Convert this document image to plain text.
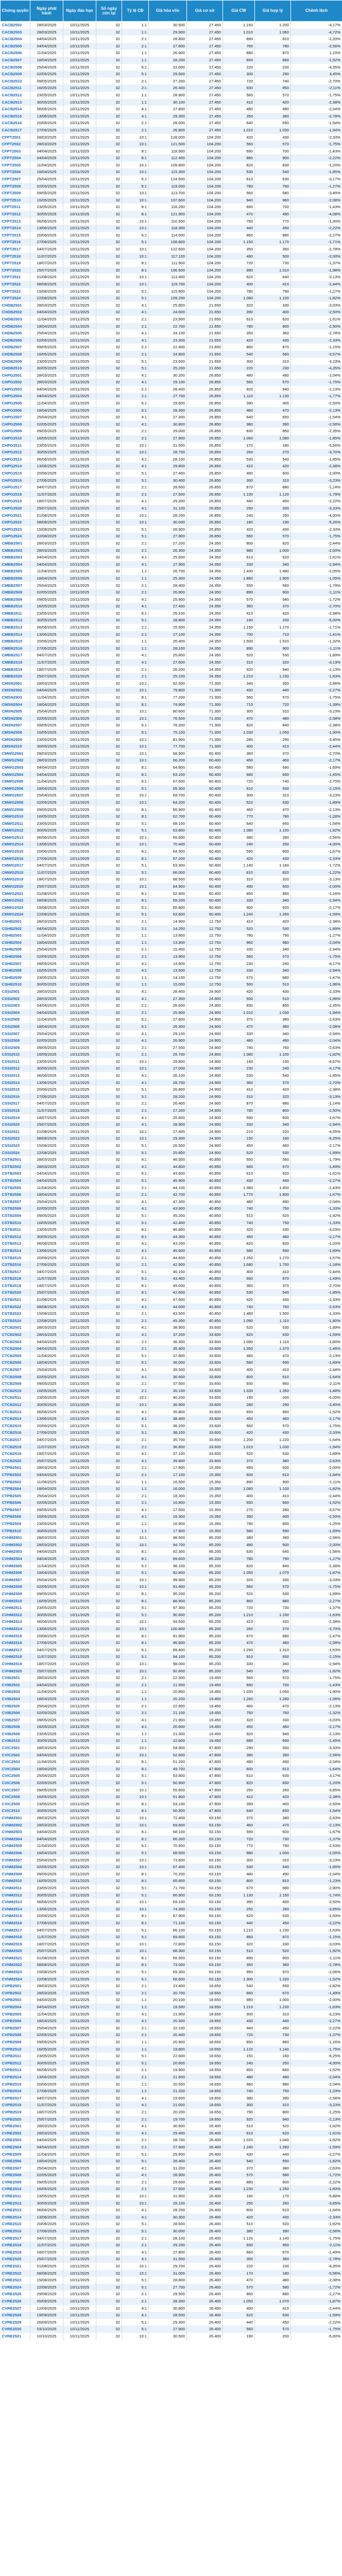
Chứng quyền	Ngày phát hành	Ngày đáo hạn	Số ngày còn lại	Tỷ lệ CĐ	Giá hòa vốn	Giá cơ sở	Giá CW	Giá hợp lý	Chênh lệch
CACB2502	28/03/2025	10/11/2025	32	1:1	30.500	27.450	1.150	1.200	-4,17%
CACB2503	28/03/2025	10/11/2025	32	1:1	29.900	27.450	1.010	1.060	-4,72%
CACB2504	04/04/2025	10/11/2025	32	2:1	28.800	27.450	890	910	-2,20%
CACB2505	04/04/2025	10/11/2025	32	2:1	27.600	27.450	760	780	-2,56%
CACB2506	11/04/2025	10/11/2025	32	1:1	26.900	27.450	880	870	1,15%
CACB2507	18/04/2025	10/11/2025	32	1:1	28.200	27.450	650	660	-1,52%
CACB2508	25/04/2025	10/11/2025	32	5:1	31.000	27.450	220	230	-4,35%
CACB2509	02/05/2025	10/11/2025	32	5:1	29.500	27.450	300	290	3,45%
CACB2510	09/05/2025	10/11/2025	32	2:1	27.200	27.450	720	740	-2,70%
CACB2511	16/05/2025	10/11/2025	32	2:1	26.400	27.450	930	950	-2,11%
CACB2512	23/05/2025	10/11/2025	32	1:1	28.900	27.450	560	570	-1,75%
CACB2513	30/05/2025	10/11/2025	32	1:1	30.100	27.450	410	420	-2,38%
CACB2514	06/06/2025	10/11/2025	32	4:1	27.800	27.450	480	490	-2,04%
CACB2515	13/06/2025	10/11/2025	32	4:1	29.300	27.450	350	360	-2,78%
CACB2516	20/06/2025	10/11/2025	32	2:1	28.000	27.450	640	650	-1,54%
CACB2517	27/06/2025	10/11/2025	32	2:1	26.800	27.450	1.010	1.030	-1,94%
CFPT2501	28/03/2025	10/11/2025	32	10:1	128.000	104.200	420	430	-2,33%
CFPT2502	28/03/2025	10/11/2025	32	10:1	121.500	104.200	560	570	-1,75%
CFPT2503	04/04/2025	10/11/2025	32	8:1	118.900	104.200	690	700	-1,43%
CFPT2504	04/04/2025	10/11/2025	32	8:1	112.400	104.200	880	900	-2,22%
CFPT2505	11/04/2025	10/11/2025	32	10:1	109.800	104.200	820	830	-1,20%
CFPT2506	18/04/2025	10/11/2025	32	10:1	115.300	104.200	530	540	-1,85%
CFPT2507	25/04/2025	10/11/2025	32	5:1	124.500	104.200	610	630	-3,17%
CFPT2508	02/05/2025	10/11/2025	32	5:1	119.000	104.200	780	790	-1,27%
CFPT2509	09/05/2025	10/11/2025	32	10:1	113.700	104.200	560	580	-3,45%
CFPT2510	16/05/2025	10/11/2025	32	10:1	107.600	104.200	940	960	-2,08%
CFPT2511	23/05/2025	10/11/2025	32	8:1	116.200	104.200	690	700	-1,43%
CFPT2512	30/05/2025	10/11/2025	32	8:1	121.900	104.200	470	490	-4,08%
CFPT2513	06/06/2025	10/11/2025	32	10:1	110.500	104.200	760	770	-1,30%
CFPT2514	13/06/2025	10/11/2025	32	10:1	118.300	104.200	440	450	-2,22%
CFPT2515	20/06/2025	10/11/2025	32	5:1	114.000	104.200	860	880	-2,27%
CFPT2516	27/06/2025	10/11/2025	32	5:1	108.800	104.200	1.150	1.170	-1,71%
CFPT2517	04/07/2025	10/11/2025	32	10:1	122.600	104.200	350	360	-2,78%
CFPT2518	11/07/2025	10/11/2025	32	10:1	117.100	104.200	490	500	-2,00%
CFPT2519	18/07/2025	10/11/2025	32	8:1	111.900	104.200	720	730	-1,37%
CFPT2520	25/07/2025	10/11/2025	32	8:1	106.500	104.200	990	1.010	-1,98%
CFPT2521	01/08/2025	10/11/2025	32	10:1	113.400	104.200	620	640	-3,13%
CFPT2522	08/08/2025	10/11/2025	32	10:1	119.700	104.200	400	410	-2,44%
CFPT2523	15/08/2025	10/11/2025	32	5:1	115.800	104.200	780	790	-1,27%
CFPT2524	22/08/2025	10/11/2025	32	5:1	109.200	104.200	1.080	1.100	-1,82%
CHDB2501	28/03/2025	10/11/2025	32	4:1	25.800	21.650	320	330	-3,03%
CHDB2502	04/04/2025	10/11/2025	32	4:1	24.600	21.650	390	400	-2,50%
CHDB2503	11/04/2025	10/11/2025	32	2:1	23.900	21.650	610	620	-1,61%
CHDB2504	18/04/2025	10/11/2025	32	2:1	22.700	21.650	780	800	-2,50%
CHDB2505	25/04/2025	10/11/2025	32	4:1	24.100	21.650	350	360	-2,78%
CHDB2506	02/05/2025	10/11/2025	32	4:1	23.300	21.650	420	430	-2,33%
CHDB2507	09/05/2025	10/11/2025	32	2:1	22.400	21.650	860	870	-1,15%
CHDB2508	16/05/2025	10/11/2025	32	2:1	24.800	21.650	540	560	-3,57%
CHDB2509	23/05/2025	10/11/2025	32	5:1	23.600	21.650	300	310	-3,23%
CHDB2510	30/05/2025	10/11/2025	32	5:1	25.200	21.650	220	230	-4,35%
CHPG2501	28/03/2025	10/11/2025	32	4:1	30.200	26.850	480	490	-2,04%
CHPG2502	28/03/2025	10/11/2025	32	4:1	29.100	26.850	560	570	-1,75%
CHPG2503	04/04/2025	10/11/2025	32	2:1	28.400	26.850	920	940	-2,13%
CHPG2504	04/04/2025	10/11/2025	32	2:1	27.700	26.850	1.110	1.130	-1,77%
CHPG2505	11/04/2025	10/11/2025	32	5:1	29.600	26.850	390	400	-2,50%
CHPG2506	18/04/2025	10/11/2025	32	5:1	28.300	26.850	460	470	-2,13%
CHPG2507	25/04/2025	10/11/2025	32	4:1	27.300	26.850	640	650	-1,54%
CHPG2508	02/05/2025	10/11/2025	32	4:1	30.800	26.850	380	390	-2,56%
CHPG2509	09/05/2025	10/11/2025	32	2:1	29.000	26.850	830	850	-2,35%
CHPG2510	16/05/2025	10/11/2025	32	2:1	27.900	26.850	1.060	1.080	-1,85%
CHPG2511	23/05/2025	10/11/2025	32	10:1	31.500	26.850	170	180	-5,56%
CHPG2512	30/05/2025	10/11/2025	32	10:1	28.700	26.850	260	270	-3,70%
CHPG2513	06/06/2025	10/11/2025	32	4:1	28.100	26.850	530	540	-1,85%
CHPG2514	13/06/2025	10/11/2025	32	4:1	29.800	26.850	410	420	-2,38%
CHPG2515	20/06/2025	10/11/2025	32	5:1	27.400	26.850	490	500	-2,00%
CHPG2516	27/06/2025	10/11/2025	32	5:1	30.400	26.850	300	310	-3,23%
CHPG2517	04/07/2025	10/11/2025	32	2:1	28.600	26.850	870	880	-1,14%
CHPG2518	11/07/2025	10/11/2025	32	2:1	27.500	26.850	1.100	1.120	-1,79%
CHPG2519	18/07/2025	10/11/2025	32	4:1	29.300	26.850	440	450	-2,22%
CHPG2520	25/07/2025	10/11/2025	32	4:1	31.100	26.850	290	300	-3,33%
CHPG2521	01/08/2025	10/11/2025	32	10:1	28.200	26.850	240	250	-4,00%
CHPG2522	08/08/2025	10/11/2025	32	10:1	30.000	26.850	180	190	-5,26%
CHPG2523	15/08/2025	10/11/2025	32	5:1	28.900	26.850	420	430	-2,33%
CHPG2524	22/08/2025	10/11/2025	32	5:1	27.800	26.850	560	570	-1,75%
CMBB2501	28/03/2025	10/11/2025	32	2:1	27.200	24.350	800	820	-2,44%
CMBB2502	28/03/2025	10/11/2025	32	2:1	26.300	24.350	980	1.000	-2,00%
CMBB2503	04/04/2025	10/11/2025	32	4:1	25.600	24.350	610	620	-1,61%
CMBB2504	04/04/2025	10/11/2025	32	4:1	27.900	24.350	330	340	-2,94%
CMBB2505	11/04/2025	10/11/2025	32	1:1	26.700	24.350	1.430	1.460	-2,05%
CMBB2506	18/04/2025	10/11/2025	32	1:1	25.300	24.350	1.880	1.900	-1,05%
CMBB2507	25/04/2025	10/11/2025	32	2:1	28.400	24.350	550	560	-1,79%
CMBB2508	02/05/2025	10/11/2025	32	2:1	26.900	24.350	890	900	-1,11%
CMBB2509	09/05/2025	10/11/2025	32	4:1	25.900	24.350	570	580	-1,72%
CMBB2510	16/05/2025	10/11/2025	32	4:1	27.400	24.350	360	370	-2,70%
CMBB2511	23/05/2025	10/11/2025	32	5:1	26.100	24.350	410	420	-2,38%
CMBB2512	30/05/2025	10/11/2025	32	5:1	28.800	24.350	190	200	-5,00%
CMBB2513	06/06/2025	10/11/2025	32	2:1	25.500	24.350	1.150	1.170	-1,71%
CMBB2514	13/06/2025	10/11/2025	32	2:1	27.100	24.350	700	710	-1,41%
CMBB2515	20/06/2025	10/11/2025	32	1:1	26.400	24.350	1.500	1.520	-1,32%
CMBB2516	27/06/2025	10/11/2025	32	1:1	28.100	24.350	890	900	-1,11%
CMBB2517	04/07/2025	10/11/2025	32	4:1	25.800	24.350	520	530	-1,89%
CMBB2518	11/07/2025	10/11/2025	32	4:1	27.600	24.350	310	320	-3,13%
CMBB2519	18/07/2025	10/11/2025	32	2:1	26.200	24.350	920	940	-2,13%
CMBB2520	25/07/2025	10/11/2025	32	2:1	25.100	24.350	1.210	1.230	-1,63%
CMSN2501	28/03/2025	10/11/2025	32	10:1	82.500	71.300	340	350	-2,86%
CMSN2502	04/04/2025	10/11/2025	32	10:1	79.800	71.300	430	440	-2,27%
CMSN2503	11/04/2025	10/11/2025	32	8:1	77.200	71.300	560	570	-1,75%
CMSN2504	18/04/2025	10/11/2025	32	8:1	74.900	71.300	710	720	-1,39%
CMSN2505	25/04/2025	10/11/2025	32	10:1	80.600	71.300	300	310	-3,23%
CMSN2506	02/05/2025	10/11/2025	32	10:1	76.500	71.300	470	480	-2,08%
CMSN2507	09/05/2025	10/11/2025	32	5:1	78.300	71.300	820	840	-2,38%
CMSN2508	16/05/2025	10/11/2025	32	5:1	75.100	71.300	1.030	1.050	-1,90%
CMSN2509	23/05/2025	10/11/2025	32	10:1	81.900	71.300	280	290	-3,45%
CMSN2510	30/05/2025	10/11/2025	32	10:1	77.700	71.300	400	410	-2,44%
CMWG2501	28/03/2025	10/11/2025	32	10:1	68.900	60.400	360	370	-2,70%
CMWG2502	28/03/2025	10/11/2025	32	10:1	66.200	60.400	450	460	-2,17%
CMWG2503	04/04/2025	10/11/2025	32	8:1	64.800	60.400	580	590	-1,69%
CMWG2504	04/04/2025	10/11/2025	32	8:1	63.100	60.400	680	690	-1,45%
CMWG2505	11/04/2025	10/11/2025	32	5:1	67.500	60.400	720	740	-2,70%
CMWG2506	18/04/2025	10/11/2025	32	5:1	65.300	60.400	910	930	-2,15%
CMWG2507	25/04/2025	10/11/2025	32	10:1	69.700	60.400	300	310	-3,23%
CMWG2508	02/05/2025	10/11/2025	32	10:1	64.200	60.400	520	530	-1,89%
CMWG2509	09/05/2025	10/11/2025	32	8:1	66.900	60.400	460	470	-2,13%
CMWG2510	16/05/2025	10/11/2025	32	8:1	62.700	60.400	770	780	-1,28%
CMWG2511	23/05/2025	10/11/2025	32	5:1	68.100	60.400	640	650	-1,54%
CMWG2512	30/05/2025	10/11/2025	32	5:1	63.800	60.400	1.080	1.100	-1,82%
CMWG2513	06/06/2025	10/11/2025	32	10:1	65.600	60.400	380	390	-2,56%
CMWG2514	13/06/2025	10/11/2025	32	10:1	70.400	60.400	240	250	-4,00%
CMWG2515	20/06/2025	10/11/2025	32	8:1	64.500	60.400	590	600	-1,67%
CMWG2516	27/06/2025	10/11/2025	32	8:1	67.200	60.400	420	430	-2,33%
CMWG2517	04/07/2025	10/11/2025	32	5:1	63.300	60.400	1.140	1.160	-1,72%
CMWG2518	11/07/2025	10/11/2025	32	5:1	66.000	60.400	810	820	-1,22%
CMWG2519	18/07/2025	10/11/2025	32	10:1	68.500	60.400	310	320	-3,13%
CMWG2520	25/07/2025	10/11/2025	32	10:1	64.900	60.400	490	500	-2,00%
CMWG2521	01/08/2025	10/11/2025	32	8:1	62.400	60.400	850	860	-1,16%
CMWG2522	08/08/2025	10/11/2025	32	8:1	69.200	60.400	330	340	-2,94%
CMWG2523	15/08/2025	10/11/2025	32	5:1	65.800	60.400	900	920	-2,17%
CMWG2524	22/08/2025	10/11/2025	32	5:1	63.600	60.400	1.240	1.260	-1,59%
CSHB2501	28/03/2025	10/11/2025	32	2:1	14.900	12.750	410	420	-2,38%
CSHB2502	04/04/2025	10/11/2025	32	2:1	14.200	12.750	520	530	-1,89%
CSHB2503	11/04/2025	10/11/2025	32	1:1	13.800	12.750	780	790	-1,27%
CSHB2504	18/04/2025	10/11/2025	32	1:1	13.300	12.750	960	980	-2,04%
CSHB2505	25/04/2025	10/11/2025	32	2:1	15.400	12.750	330	340	-2,94%
CSHB2506	02/05/2025	10/11/2025	32	2:1	13.900	12.750	560	570	-1,75%
CSHB2507	09/05/2025	10/11/2025	32	4:1	14.600	12.750	230	240	-4,17%
CSHB2508	16/05/2025	10/11/2025	32	4:1	13.500	12.750	330	340	-2,94%
CSHB2509	23/05/2025	10/11/2025	32	1:1	14.100	12.750	670	680	-1,47%
CSHB2510	30/05/2025	10/11/2025	32	1:1	15.000	12.750	500	510	-1,96%
CSSI2501	28/03/2025	10/11/2025	32	4:1	28.400	24.900	420	430	-2,33%
CSSI2502	28/03/2025	10/11/2025	32	4:1	27.300	24.900	500	510	-1,96%
CSSI2503	04/04/2025	10/11/2025	32	2:1	26.600	24.900	830	850	-2,35%
CSSI2504	04/04/2025	10/11/2025	32	2:1	25.900	24.900	1.010	1.030	-1,94%
CSSI2505	11/04/2025	10/11/2025	32	5:1	27.800	24.900	370	380	-2,63%
CSSI2506	18/04/2025	10/11/2025	32	5:1	26.300	24.900	470	480	-2,08%
CSSI2507	25/04/2025	10/11/2025	32	4:1	29.100	24.900	330	340	-2,94%
CSSI2508	02/05/2025	10/11/2025	32	4:1	26.900	24.900	480	490	-2,04%
CSSI2509	09/05/2025	10/11/2025	32	2:1	27.500	24.900	740	760	-2,63%
CSSI2510	16/05/2025	10/11/2025	32	2:1	25.700	24.900	1.080	1.100	-1,82%
CSSI2511	23/05/2025	10/11/2025	32	10:1	29.800	24.900	140	150	-6,67%
CSSI2512	30/05/2025	10/11/2025	32	10:1	27.000	24.900	230	240	-4,17%
CSSI2513	06/06/2025	10/11/2025	32	4:1	26.100	24.900	530	540	-1,85%
CSSI2514	13/06/2025	10/11/2025	32	4:1	28.700	24.900	360	370	-2,70%
CSSI2515	20/06/2025	10/11/2025	32	5:1	26.800	24.900	410	420	-2,38%
CSSI2516	27/06/2025	10/11/2025	32	5:1	28.200	24.900	310	320	-3,13%
CSSI2517	04/07/2025	10/11/2025	32	2:1	26.400	24.900	870	880	-1,14%
CSSI2518	11/07/2025	10/11/2025	32	2:1	27.200	24.900	780	800	-2,50%
CSSI2519	18/07/2025	10/11/2025	32	4:1	25.600	24.900	590	600	-1,67%
CSSI2520	25/07/2025	10/11/2025	32	4:1	28.900	24.900	330	340	-2,94%
CSSI2521	01/08/2025	10/11/2025	32	10:1	27.400	24.900	210	220	-4,55%
CSSI2522	08/08/2025	10/11/2025	32	10:1	29.300	24.900	150	160	-6,25%
CSSI2523	15/08/2025	10/11/2025	32	5:1	26.500	24.900	450	460	-2,17%
CSSI2524	22/08/2025	10/11/2025	32	5:1	25.800	24.900	520	530	-1,89%
CSTB2501	28/03/2025	10/11/2025	32	4:1	46.500	40.850	550	560	-1,79%
CSTB2502	28/03/2025	10/11/2025	32	4:1	44.800	40.850	660	670	-1,49%
CSTB2503	04/04/2025	10/11/2025	32	5:1	43.600	40.850	610	620	-1,61%
CSTB2504	04/04/2025	10/11/2025	32	5:1	45.900	40.850	430	440	-2,27%
CSTB2505	11/04/2025	10/11/2025	32	2:1	44.100	40.850	1.380	1.400	-1,43%
CSTB2506	18/04/2025	10/11/2025	32	2:1	42.700	40.850	1.770	1.800	-1,67%
CSTB2507	25/04/2025	10/11/2025	32	4:1	47.300	40.850	480	490	-2,04%
CSTB2508	02/05/2025	10/11/2025	32	4:1	43.900	40.850	740	750	-1,33%
CSTB2509	09/05/2025	10/11/2025	32	5:1	45.200	40.850	510	520	-1,92%
CSTB2510	16/05/2025	10/11/2025	32	5:1	42.400	40.850	740	750	-1,33%
CSTB2511	23/05/2025	10/11/2025	32	8:1	46.800	40.850	320	330	-3,03%
CSTB2512	30/05/2025	10/11/2025	32	8:1	44.300	40.850	450	460	-2,17%
CSTB2513	06/06/2025	10/11/2025	32	4:1	43.200	40.850	820	830	-1,20%
CSTB2514	13/06/2025	10/11/2025	32	4:1	45.600	40.850	580	590	-1,69%
CSTB2515	20/06/2025	10/11/2025	32	2:1	44.600	40.850	1.250	1.270	-1,57%
CSTB2516	27/06/2025	10/11/2025	32	2:1	42.900	40.850	1.680	1.700	-1,18%
CSTB2517	04/07/2025	10/11/2025	32	5:1	46.100	40.850	400	410	-2,44%
CSTB2518	11/07/2025	10/11/2025	32	5:1	43.400	40.850	660	670	-1,49%
CSTB2519	18/07/2025	10/11/2025	32	8:1	45.000	40.850	360	370	-2,70%
CSTB2520	25/07/2025	10/11/2025	32	8:1	42.600	40.850	530	540	-1,85%
CSTB2521	01/08/2025	10/11/2025	32	4:1	47.600	40.850	420	430	-2,33%
CSTB2522	08/08/2025	10/11/2025	32	4:1	44.000	40.850	740	760	-2,63%
CSTB2523	15/08/2025	10/11/2025	32	2:1	43.500	40.850	1.480	1.500	-1,33%
CSTB2524	22/08/2025	10/11/2025	32	2:1	45.300	40.850	1.090	1.110	-1,80%
CTCB2501	28/03/2025	10/11/2025	32	4:1	38.900	33.600	520	530	-1,89%
CTCB2502	28/03/2025	10/11/2025	32	4:1	37.200	33.600	620	630	-1,59%
CTCB2503	04/04/2025	10/11/2025	32	2:1	36.300	33.600	1.090	1.110	-1,80%
CTCB2504	04/04/2025	10/11/2025	32	2:1	35.400	33.600	1.350	1.370	-1,46%
CTCB2505	11/04/2025	10/11/2025	32	5:1	37.800	33.600	460	470	-2,13%
CTCB2506	18/04/2025	10/11/2025	32	5:1	36.000	33.600	580	590	-1,69%
CTCB2507	25/04/2025	10/11/2025	32	4:1	39.500	33.600	400	410	-2,44%
CTCB2508	02/05/2025	10/11/2025	32	4:1	36.600	33.600	600	610	-1,64%
CTCB2509	09/05/2025	10/11/2025	32	2:1	37.500	33.600	930	950	-2,11%
CTCB2510	16/05/2025	10/11/2025	32	2:1	35.100	33.600	1.330	1.350	-1,48%
CTCB2511	23/05/2025	10/11/2025	32	10:1	40.200	33.600	190	200	-5,00%
CTCB2512	30/05/2025	10/11/2025	32	10:1	36.900	33.600	280	290	-3,45%
CTCB2513	06/06/2025	10/11/2025	32	4:1	35.800	33.600	650	660	-1,52%
CTCB2514	13/06/2025	10/11/2025	32	4:1	38.400	33.600	450	460	-2,17%
CTCB2515	20/06/2025	10/11/2025	32	5:1	36.200	33.600	560	570	-1,75%
CTCB2516	27/06/2025	10/11/2025	32	5:1	38.100	33.600	420	430	-2,33%
CTCB2517	04/07/2025	10/11/2025	32	2:1	35.700	33.600	1.200	1.220	-1,64%
CTCB2518	11/07/2025	10/11/2025	32	2:1	36.800	33.600	1.010	1.030	-1,94%
CTCB2519	18/07/2025	10/11/2025	32	4:1	37.100	33.600	520	530	-1,89%
CTCB2520	25/07/2025	10/11/2025	32	4:1	39.800	33.600	370	380	-2,63%
CTPB2501	28/03/2025	10/11/2025	32	2:1	17.800	15.350	490	500	-2,00%
CTPB2502	04/04/2025	10/11/2025	32	2:1	17.100	15.350	600	610	-1,64%
CTPB2503	11/04/2025	10/11/2025	32	1:1	16.500	15.350	890	900	-1,11%
CTPB2504	18/04/2025	10/11/2025	32	1:1	16.000	15.350	1.080	1.100	-1,82%
CTPB2505	25/04/2025	10/11/2025	32	2:1	18.300	15.350	400	410	-2,44%
CTPB2506	02/05/2025	10/11/2025	32	2:1	16.800	15.350	650	660	-1,52%
CTPB2507	09/05/2025	10/11/2025	32	4:1	17.500	15.350	270	280	-3,57%
CTPB2508	16/05/2025	10/11/2025	32	4:1	16.300	15.350	390	400	-2,50%
CTPB2509	23/05/2025	10/11/2025	32	1:1	16.900	15.350	790	800	-1,25%
CTPB2510	30/05/2025	10/11/2025	32	1:1	17.900	15.350	580	590	-1,69%
CVHM2501	28/03/2025	10/11/2025	32	10:1	98.500	85.200	380	390	-2,56%
CVHM2502	28/03/2025	10/11/2025	32	10:1	94.700	85.200	490	500	-2,00%
CVHM2503	04/04/2025	10/11/2025	32	8:1	92.300	85.200	630	640	-1,56%
CVHM2504	04/04/2025	10/11/2025	32	8:1	89.600	85.200	780	790	-1,27%
CVHM2505	11/04/2025	10/11/2025	32	5:1	96.100	85.200	820	840	-2,38%
CVHM2506	18/04/2025	10/11/2025	32	5:1	92.800	85.200	1.050	1.070	-1,87%
CVHM2507	25/04/2025	10/11/2025	32	10:1	99.900	85.200	320	330	-3,03%
CVHM2508	02/05/2025	10/11/2025	32	10:1	91.400	85.200	560	570	-1,75%
CVHM2509	09/05/2025	10/11/2025	32	8:1	95.200	85.200	520	530	-1,89%
CVHM2510	16/05/2025	10/11/2025	32	8:1	88.900	85.200	860	880	-2,27%
CVHM2511	23/05/2025	10/11/2025	32	5:1	97.300	85.200	720	730	-1,37%
CVHM2512	30/05/2025	10/11/2025	32	5:1	90.600	85.200	1.210	1.230	-1,63%
CVHM2513	06/06/2025	10/11/2025	32	10:1	93.500	85.200	410	420	-2,38%
CVHM2514	13/06/2025	10/11/2025	32	10:1	100.800	85.200	260	270	-3,70%
CVHM2515	20/06/2025	10/11/2025	32	8:1	91.900	85.200	670	680	-1,47%
CVHM2516	27/06/2025	10/11/2025	32	8:1	96.600	85.200	470	480	-2,08%
CVHM2517	04/07/2025	10/11/2025	32	5:1	89.800	85.200	1.290	1.310	-1,53%
CVHM2518	11/07/2025	10/11/2025	32	5:1	94.100	85.200	910	930	-2,15%
CVHM2519	18/07/2025	10/11/2025	32	10:1	98.000	85.200	330	340	-2,94%
CVHM2520	25/07/2025	10/11/2025	32	10:1	92.600	85.200	540	550	-1,82%
CVIB2501	28/03/2025	10/11/2025	32	2:1	22.300	19.450	560	570	-1,75%
CVIB2502	04/04/2025	10/11/2025	32	2:1	21.500	19.450	690	700	-1,43%
CVIB2503	11/04/2025	10/11/2025	32	1:1	20.800	19.450	1.030	1.050	-1,90%
CVIB2504	18/04/2025	10/11/2025	32	1:1	20.200	19.450	1.260	1.280	-1,56%
CVIB2505	25/04/2025	10/11/2025	32	2:1	22.900	19.450	460	470	-2,13%
CVIB2506	02/05/2025	10/11/2025	32	2:1	21.100	19.450	750	760	-1,32%
CVIB2507	09/05/2025	10/11/2025	32	4:1	21.900	19.450	320	330	-3,03%
CVIB2508	16/05/2025	10/11/2025	32	4:1	20.600	19.450	450	460	-2,17%
CVIB2509	23/05/2025	10/11/2025	32	1:1	21.300	19.450	920	940	-2,13%
CVIB2510	30/05/2025	10/11/2025	32	1:1	22.600	19.450	680	690	-1,45%
CVIC2501	28/03/2025	10/11/2025	32	10:1	54.900	47.800	290	300	-3,33%
CVIC2502	04/04/2025	10/11/2025	32	10:1	52.600	47.800	380	390	-2,56%
CVIC2503	11/04/2025	10/11/2025	32	8:1	51.200	47.800	480	490	-2,04%
CVIC2504	18/04/2025	10/11/2025	32	8:1	49.700	47.800	600	610	-1,64%
CVIC2505	25/04/2025	10/11/2025	32	5:1	53.800	47.800	610	630	-3,17%
CVIC2506	02/05/2025	10/11/2025	32	5:1	50.900	47.800	820	830	-1,20%
CVIC2507	09/05/2025	10/11/2025	32	10:1	55.600	47.800	250	260	-3,85%
CVIC2508	16/05/2025	10/11/2025	32	10:1	51.800	47.800	410	420	-2,38%
CVIC2509	23/05/2025	10/11/2025	32	8:1	53.100	47.800	390	400	-2,50%
CVIC2510	30/05/2025	10/11/2025	32	8:1	50.300	47.800	640	650	-1,54%
CVNM2501	28/03/2025	10/11/2025	32	10:1	72.400	63.150	370	380	-2,63%
CVNM2502	28/03/2025	10/11/2025	32	10:1	69.800	63.150	460	470	-2,13%
CVNM2503	04/04/2025	10/11/2025	32	8:1	68.100	63.150	590	600	-1,67%
CVNM2504	04/04/2025	10/11/2025	32	8:1	66.300	63.150	720	730	-1,37%
CVNM2505	11/04/2025	10/11/2025	32	5:1	70.900	63.150	770	790	-2,53%
CVNM2506	18/04/2025	10/11/2025	32	5:1	68.500	63.150	980	1.000	-2,00%
CVNM2507	25/04/2025	10/11/2025	32	10:1	73.600	63.150	300	310	-3,23%
CVNM2508	02/05/2025	10/11/2025	32	10:1	67.400	63.150	530	540	-1,85%
CVNM2509	09/05/2025	10/11/2025	32	8:1	70.200	63.150	480	490	-2,04%
CVNM2510	16/05/2025	10/11/2025	32	8:1	65.800	63.150	800	810	-1,23%
CVNM2511	23/05/2025	10/11/2025	32	5:1	71.700	63.150	670	690	-2,90%
CVNM2512	30/05/2025	10/11/2025	32	5:1	66.900	63.150	1.130	1.150	-1,74%
CVNM2513	06/06/2025	10/11/2025	32	10:1	69.100	63.150	390	400	-2,50%
CVNM2514	13/06/2025	10/11/2025	32	10:1	74.300	63.150	250	260	-3,85%
CVNM2515	20/06/2025	10/11/2025	32	8:1	67.900	63.150	620	630	-1,59%
CVNM2516	27/06/2025	10/11/2025	32	8:1	71.100	63.150	440	450	-2,22%
CVNM2517	04/07/2025	10/11/2025	32	5:1	66.100	63.150	1.210	1.230	-1,63%
CVNM2518	11/07/2025	10/11/2025	32	5:1	69.600	63.150	860	870	-1,15%
CVNM2519	18/07/2025	10/11/2025	32	10:1	72.800	63.150	320	330	-3,03%
CVNM2520	25/07/2025	10/11/2025	32	10:1	68.300	63.150	510	520	-1,92%
CVNM2521	01/08/2025	10/11/2025	32	8:1	65.500	63.150	890	900	-1,11%
CVNM2522	08/08/2025	10/11/2025	32	8:1	73.000	63.150	350	360	-2,78%
CVNM2523	15/08/2025	10/11/2025	32	5:1	69.300	63.150	950	970	-2,06%
CVNM2524	22/08/2025	10/11/2025	32	5:1	66.600	63.150	1.300	1.320	-1,52%
CVPB2501	28/03/2025	10/11/2025	32	2:1	21.400	18.650	540	550	-1,82%
CVPB2502	28/03/2025	10/11/2025	32	2:1	20.700	18.650	660	670	-1,49%
CVPB2503	04/04/2025	10/11/2025	32	1:1	20.100	18.650	980	1.000	-2,00%
CVPB2504	04/04/2025	10/11/2025	32	1:1	19.500	18.650	1.210	1.230	-1,63%
CVPB2505	11/04/2025	10/11/2025	32	4:1	21.900	18.650	300	310	-3,23%
CVPB2506	18/04/2025	10/11/2025	32	4:1	20.300	18.650	430	440	-2,27%
CVPB2507	25/04/2025	10/11/2025	32	2:1	22.100	18.650	440	450	-2,22%
CVPB2508	02/05/2025	10/11/2025	32	2:1	20.400	18.650	720	730	-1,37%
CVPB2509	09/05/2025	10/11/2025	32	1:1	20.900	18.650	850	860	-1,16%
CVPB2510	16/05/2025	10/11/2025	32	1:1	19.800	18.650	1.120	1.140	-1,75%
CVPB2511	23/05/2025	10/11/2025	32	5:1	22.600	18.650	150	160	-6,25%
CVPB2512	30/05/2025	10/11/2025	32	5:1	20.600	18.650	240	250	-4,00%
CVPB2513	06/06/2025	10/11/2025	32	2:1	19.900	18.650	650	660	-1,52%
CVPB2514	13/06/2025	10/11/2025	32	2:1	21.600	18.650	480	490	-2,04%
CVPB2515	20/06/2025	10/11/2025	32	1:1	20.500	18.650	960	980	-2,04%
CVPB2516	27/06/2025	10/11/2025	32	1:1	21.200	18.650	740	750	-1,33%
CVPB2517	04/07/2025	10/11/2025	32	4:1	19.600	18.650	380	390	-2,56%
CVPB2518	11/07/2025	10/11/2025	32	4:1	21.000	18.650	300	310	-3,23%
CVPB2519	18/07/2025	10/11/2025	32	2:1	20.200	18.650	790	800	-1,25%
CVPB2520	25/07/2025	10/11/2025	32	2:1	19.700	18.650	920	940	-2,13%
CVRE2501	28/03/2025	10/11/2025	32	4:1	30.600	26.400	510	520	-1,92%
CVRE2502	28/03/2025	10/11/2025	32	4:1	29.400	26.400	610	620	-1,61%
CVRE2503	04/04/2025	10/11/2025	32	2:1	28.700	26.400	1.020	1.040	-1,92%
CVRE2504	04/04/2025	10/11/2025	32	2:1	27.900	26.400	1.240	1.260	-1,59%
CVRE2505	11/04/2025	10/11/2025	32	5:1	29.900	26.400	430	440	-2,27%
CVRE2506	18/04/2025	10/11/2025	32	5:1	28.400	26.400	540	550	-1,82%
CVRE2507	25/04/2025	10/11/2025	32	4:1	31.200	26.400	370	380	-2,63%
CVRE2508	02/05/2025	10/11/2025	32	4:1	28.900	26.400	570	580	-1,72%
CVRE2509	09/05/2025	10/11/2025	32	2:1	29.600	26.400	880	900	-2,22%
CVRE2510	16/05/2025	10/11/2025	32	2:1	27.600	26.400	1.230	1.250	-1,60%
CVRE2511	23/05/2025	10/11/2025	32	10:1	31.900	26.400	160	170	-5,88%
CVRE2512	30/05/2025	10/11/2025	32	10:1	29.100	26.400	250	260	-3,85%
CVRE2513	06/06/2025	10/11/2025	32	4:1	28.200	26.400	600	610	-1,64%
CVRE2514	13/06/2025	10/11/2025	32	4:1	30.300	26.400	420	430	-2,33%
CVRE2515	20/06/2025	10/11/2025	32	5:1	28.600	26.400	510	520	-1,92%
CVRE2516	27/06/2025	10/11/2025	32	5:1	30.000	26.400	380	390	-2,56%
CVRE2517	04/07/2025	10/11/2025	32	2:1	28.100	26.400	1.120	1.140	-1,75%
CVRE2518	11/07/2025	10/11/2025	32	2:1	29.200	26.400	930	950	-2,11%
CVRE2519	18/07/2025	10/11/2025	32	4:1	27.800	26.400	660	670	-1,49%
CVRE2520	25/07/2025	10/11/2025	32	4:1	31.500	26.400	350	360	-2,78%
CVRE2521	01/08/2025	10/11/2025	32	10:1	29.700	26.400	220	230	-4,35%
CVRE2522	08/08/2025	10/11/2025	32	10:1	31.000	26.400	170	180	-5,56%
CVRE2523	15/08/2025	10/11/2025	32	5:1	28.800	26.400	470	480	-2,08%
CVRE2524	22/08/2025	10/11/2025	32	5:1	27.700	26.400	570	580	-1,72%
CVRE2525	29/08/2025	10/11/2025	32	2:1	29.500	26.400	860	880	-2,27%
CVRE2526	05/09/2025	10/11/2025	32	2:1	28.300	26.400	1.050	1.070	-1,87%
CVRE2527	12/09/2025	10/11/2025	32	4:1	30.800	26.400	400	410	-2,44%
CVRE2528	19/09/2025	10/11/2025	32	4:1	28.500	26.400	620	630	-1,59%
CVRE2529	26/09/2025	10/11/2025	32	5:1	29.300	26.400	440	450	-2,22%
CVRE2530	03/10/2025	10/11/2025	32	5:1	27.900	26.400	560	570	-1,75%
CVRE2531	10/10/2025	10/11/2025	32	10:1	30.500	26.400	190	200	-5,00%
